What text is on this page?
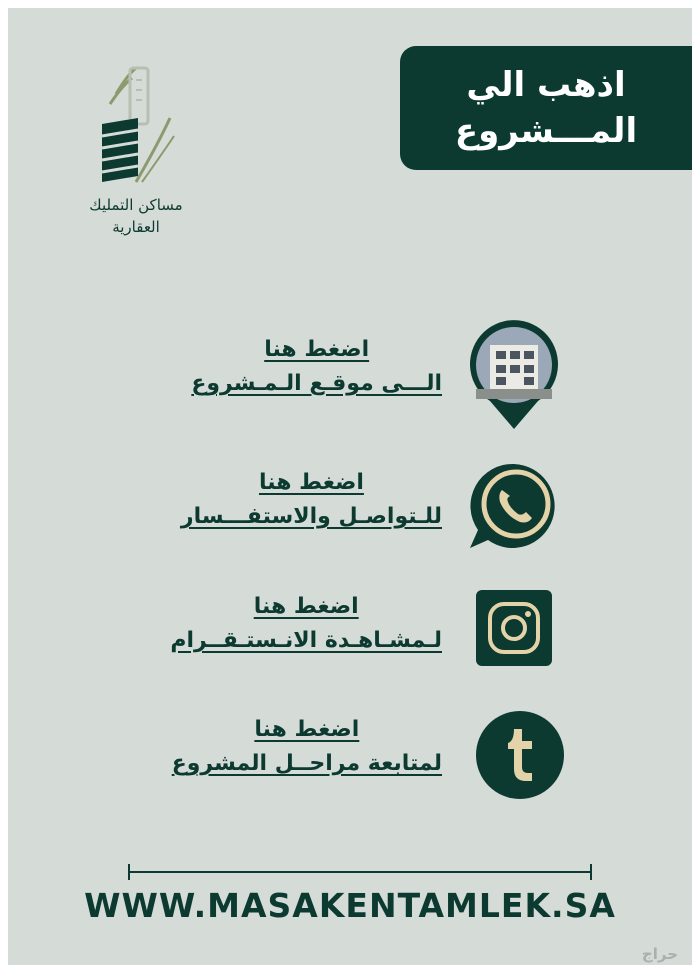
اذهب الي
المـــشروع
مساكن التمليك
العقارية
اضغط هنا
الـــى موقـع الـمـشروع
اضغط هنا
للـتواصـل والاستفـــسار
اضغط هنا
لـمشـاهـدة الانـستـقــرام
اضغط هنا
لمتابعة مراحــل المشروع
WWW.MASAKENTAMLEK.SA
حراج
